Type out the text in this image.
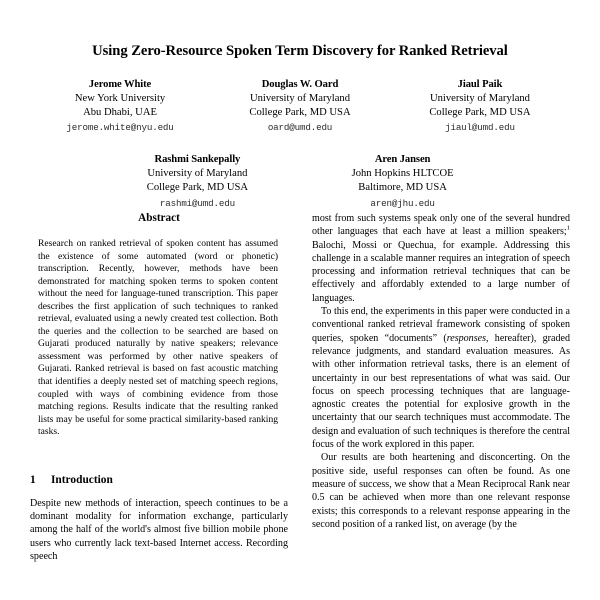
Using Zero-Resource Spoken Term Discovery for Ranked Retrieval
Jerome White
New York University
Abu Dhabi, UAE
jerome.white@nyu.edu
Douglas W. Oard
University of Maryland
College Park, MD USA
oard@umd.edu
Jiaul Paik
University of Maryland
College Park, MD USA
jiaul@umd.edu
Rashmi Sankepally
University of Maryland
College Park, MD USA
rashmi@umd.edu
Aren Jansen
John Hopkins HLTCOE
Baltimore, MD USA
aren@jhu.edu
Abstract

Research on ranked retrieval of spoken content has assumed the existence of some automated (word or phonetic) transcription. Recently, however, methods have been demonstrated for matching spoken terms to spoken content without the need for language-tuned transcription. This paper describes the first application of such techniques to ranked retrieval, evaluated using a newly created test collection. Both the queries and the collection to be searched are based on Gujarati produced naturally by native speakers; relevance assessment was performed by other native speakers of Gujarati. Ranked retrieval is based on fast acoustic matching that identifies a deeply nested set of matching speech regions, coupled with ways of combining evidence from those matching regions. Results indicate that the resulting ranked lists may be useful for some practical similarity-based ranking tasks.

1	Introduction

Despite new methods of interaction, speech continues to be a dominant modality for information exchange, particularly among the half of the world's almost five billion mobile phone users who currently lack text-based Internet access. Recording speech

most from such systems speak only one of the several hundred other languages that each have at least a million speakers;$^1$ Balochi, Mossi or Quechua, for example. Addressing this challenge in a scalable manner requires an integration of speech processing and information retrieval techniques that can be effectively and affordably extended to a large number of languages.

To this end, the experiments in this paper were conducted in a conventional ranked retrieval framework consisting of spoken queries, spoken “documents” (responses, hereafter), graded relevance judgments, and standard evaluation measures. As with other information retrieval tasks, there is an element of uncertainty in our best representations of what was said. Our focus on speech processing techniques that are language-agnostic creates the potential for explosive growth in the uncertainty that our search techniques must accommodate. The design and evaluation of such techniques is therefore the central focus of the work explored in this paper.

Our results are both heartening and disconcerting. On the positive side, useful responses can often be found. As one measure of success, we show that a Mean Reciprocal Rank near 0.5 can be achieved when more than one relevant response exists; this corresponds to a relevant response appearing in the second position of a ranked list, on average (by the
